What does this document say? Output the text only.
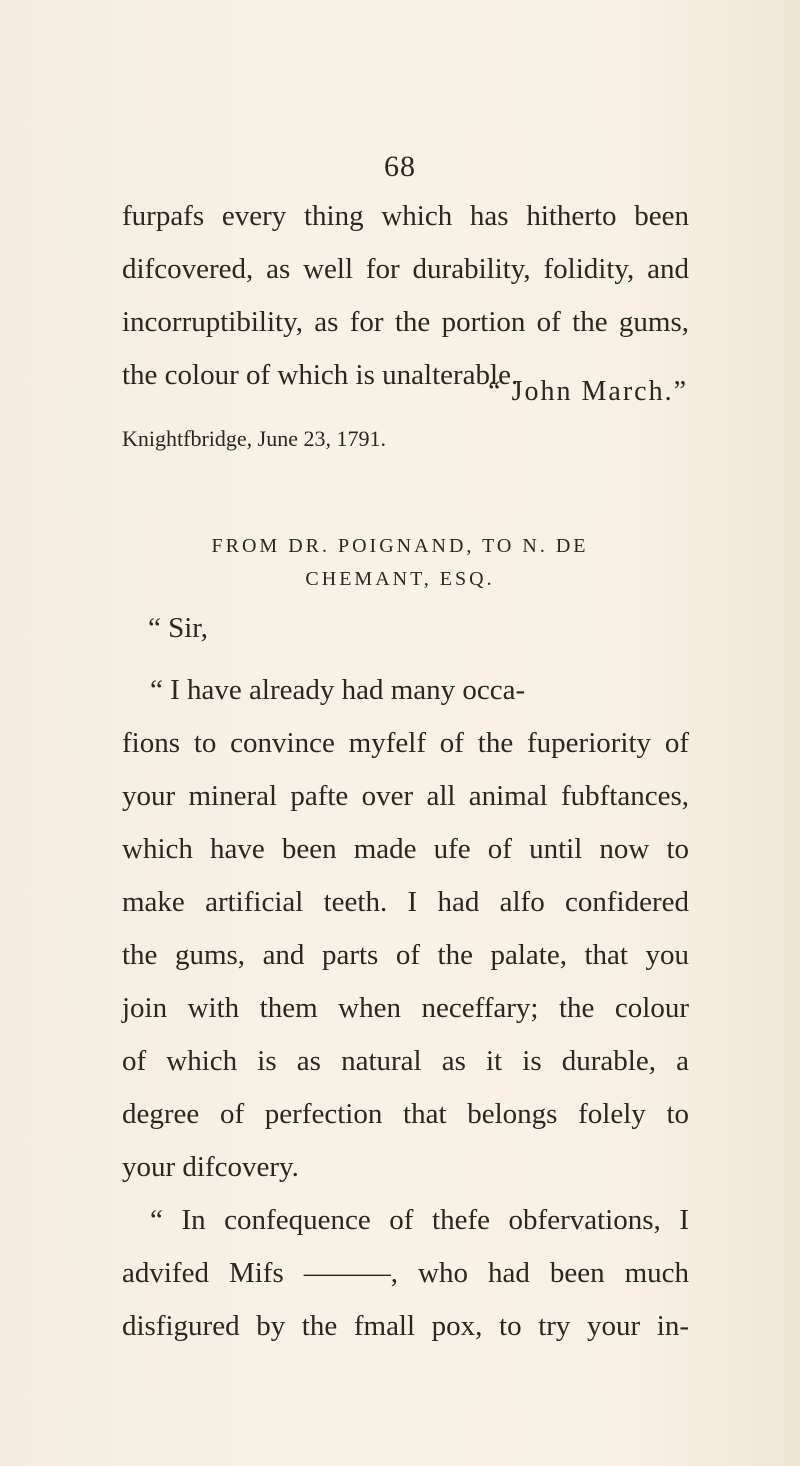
68
furpafs every thing which has hitherto been
difcovered, as well for durability, folidity, and
incorruptibility, as for the portion of the gums,
the colour of which is unalterable.
“ John March.”
Knightfbridge, June 23, 1791.
FROM DR. POIGNAND, TO N. DE
CHEMANT, ESQ.
“ Sir,
“ I have already had many occa-
fions to convince myfelf of the fuperiority of
your mineral pafte over all animal fubftances,
which have been made ufe of until now to
make artificial teeth. I had alfo confidered
the gums, and parts of the palate, that you
join with them when neceffary; the colour
of which is as natural as it is durable, a
degree of perfection that belongs folely to
your difcovery.
“ In confequence of thefe obfervations, I
advifed Mifs ———, who had been much
disfigured by the fmall pox, to try your in-
